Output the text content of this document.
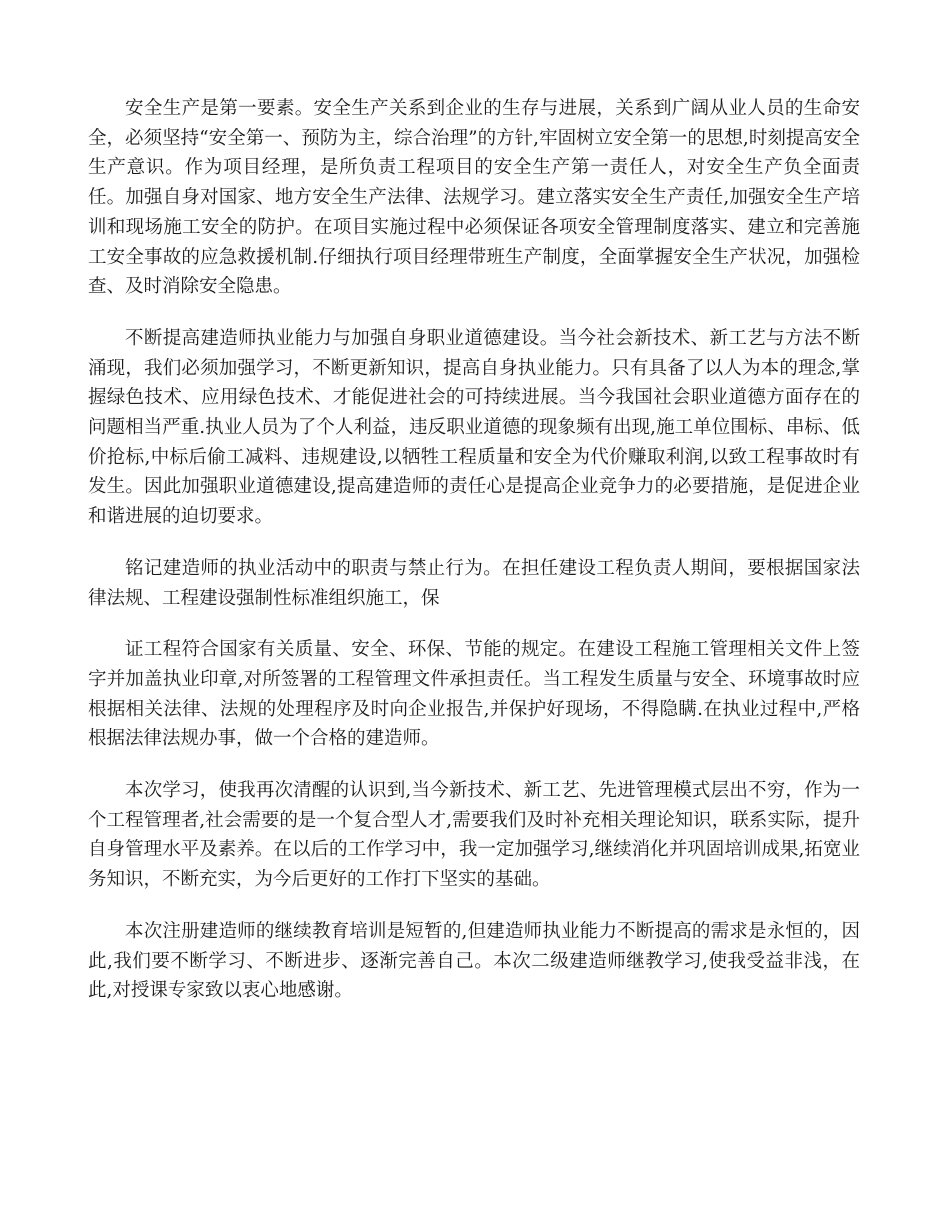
安全生产是第一要素。安全生产关系到企业的生存与进展，关系到广阔从业人员的生命安全，必须坚持“安全第一、预防为主，综合治理”的方针,牢固树立安全第一的思想,时刻提高安全生产意识。作为项目经理，是所负责工程项目的安全生产第一责任人，对安全生产负全面责任。加强自身对国家、地方安全生产法律、法规学习。建立落实安全生产责任,加强安全生产培训和现场施工安全的防护。在项目实施过程中必须保证各项安全管理制度落实、建立和完善施工安全事故的应急救援机制.仔细执行项目经理带班生产制度，全面掌握安全生产状况，加强检查、及时消除安全隐患。

不断提高建造师执业能力与加强自身职业道德建设。当今社会新技术、新工艺与方法不断涌现，我们必须加强学习，不断更新知识，提高自身执业能力。只有具备了以人为本的理念,掌握绿色技术、应用绿色技术、才能促进社会的可持续进展。当今我国社会职业道德方面存在的问题相当严重.执业人员为了个人利益，违反职业道德的现象频有出现,施工单位围标、串标、低价抢标,中标后偷工减料、违规建设,以牺牲工程质量和安全为代价赚取利润,以致工程事故时有发生。因此加强职业道德建设,提高建造师的责任心是提高企业竞争力的必要措施，是促进企业和谐进展的迫切要求。

铭记建造师的执业活动中的职责与禁止行为。在担任建设工程负责人期间，要根据国家法律法规、工程建设强制性标准组织施工，保

证工程符合国家有关质量、安全、环保、节能的规定。在建设工程施工管理相关文件上签字并加盖执业印章,对所签署的工程管理文件承担责任。当工程发生质量与安全、环境事故时应根据相关法律、法规的处理程序及时向企业报告,并保护好现场，不得隐瞒.在执业过程中,严格根据法律法规办事，做一个合格的建造师。

本次学习，使我再次清醒的认识到,当今新技术、新工艺、先进管理模式层出不穷，作为一个工程管理者,社会需要的是一个复合型人才,需要我们及时补充相关理论知识，联系实际，提升自身管理水平及素养。在以后的工作学习中，我一定加强学习,继续消化并巩固培训成果,拓宽业务知识，不断充实，为今后更好的工作打下坚实的基础。

本次注册建造师的继续教育培训是短暂的,但建造师执业能力不断提高的需求是永恒的，因此,我们要不断学习、不断进步、逐渐完善自己。本次二级建造师继教学习,使我受益非浅，在此,对授课专家致以衷心地感谢。
